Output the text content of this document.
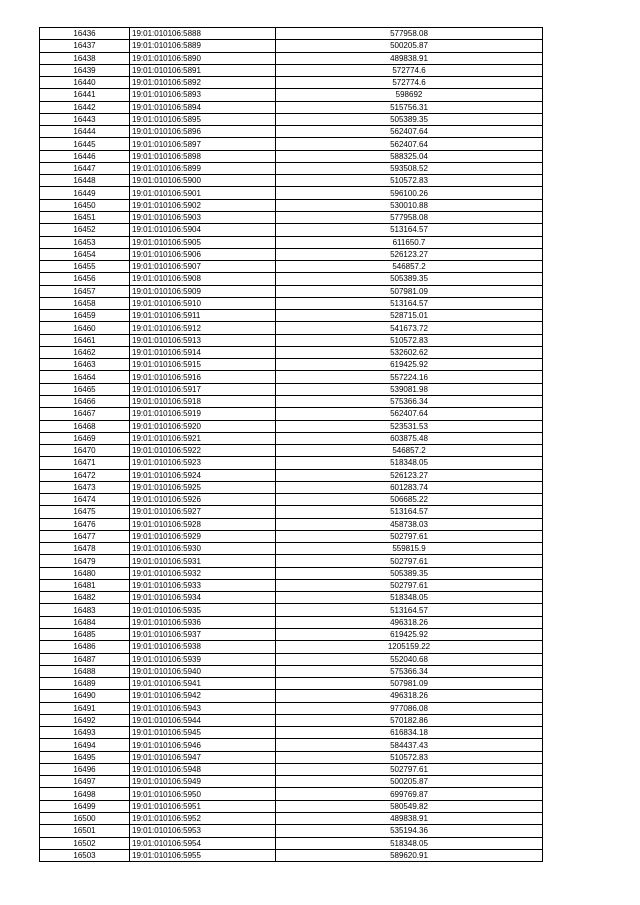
16436	19:01:010106:5888	577958.08
16437	19:01:010106:5889	500205.87
16438	19:01:010106:5890	489838.91
16439	19:01:010106:5891	572774.6
16440	19:01:010106:5892	572774.6
16441	19:01:010106:5893	598692
16442	19:01:010106:5894	515756.31
16443	19:01:010106:5895	505389.35
16444	19:01:010106:5896	562407.64
16445	19:01:010106:5897	562407.64
16446	19:01:010106:5898	588325.04
16447	19:01:010106:5899	593508.52
16448	19:01:010106:5900	510572.83
16449	19:01:010106:5901	596100.26
16450	19:01:010106:5902	530010.88
16451	19:01:010106:5903	577958.08
16452	19:01:010106:5904	513164.57
16453	19:01:010106:5905	611650.7
16454	19:01:010106:5906	526123.27
16455	19:01:010106:5907	546857.2
16456	19:01:010106:5908	505389.35
16457	19:01:010106:5909	507981.09
16458	19:01:010106:5910	513164.57
16459	19:01:010106:5911	528715.01
16460	19:01:010106:5912	541673.72
16461	19:01:010106:5913	510572.83
16462	19:01:010106:5914	532602.62
16463	19:01:010106:5915	619425.92
16464	19:01:010106:5916	557224.16
16465	19:01:010106:5917	539081.98
16466	19:01:010106:5918	575366.34
16467	19:01:010106:5919	562407.64
16468	19:01:010106:5920	523531.53
16469	19:01:010106:5921	603875.48
16470	19:01:010106:5922	546857.2
16471	19:01:010106:5923	518348.05
16472	19:01:010106:5924	526123.27
16473	19:01:010106:5925	601283.74
16474	19:01:010106:5926	506685.22
16475	19:01:010106:5927	513164.57
16476	19:01:010106:5928	458738.03
16477	19:01:010106:5929	502797.61
16478	19:01:010106:5930	559815.9
16479	19:01:010106:5931	502797.61
16480	19:01:010106:5932	505389.35
16481	19:01:010106:5933	502797.61
16482	19:01:010106:5934	518348.05
16483	19:01:010106:5935	513164.57
16484	19:01:010106:5936	496318.26
16485	19:01:010106:5937	619425.92
16486	19:01:010106:5938	1205159.22
16487	19:01:010106:5939	552040.68
16488	19:01:010106:5940	575366.34
16489	19:01:010106:5941	507981.09
16490	19:01:010106:5942	496318.26
16491	19:01:010106:5943	977086.08
16492	19:01:010106:5944	570182.86
16493	19:01:010106:5945	616834.18
16494	19:01:010106:5946	584437.43
16495	19:01:010106:5947	510572.83
16496	19:01:010106:5948	502797.61
16497	19:01:010106:5949	500205.87
16498	19:01:010106:5950	699769.87
16499	19:01:010106:5951	580549.82
16500	19:01:010106:5952	489838.91
16501	19:01:010106:5953	535194.36
16502	19:01:010106:5954	518348.05
16503	19:01:010106:5955	589620.91
